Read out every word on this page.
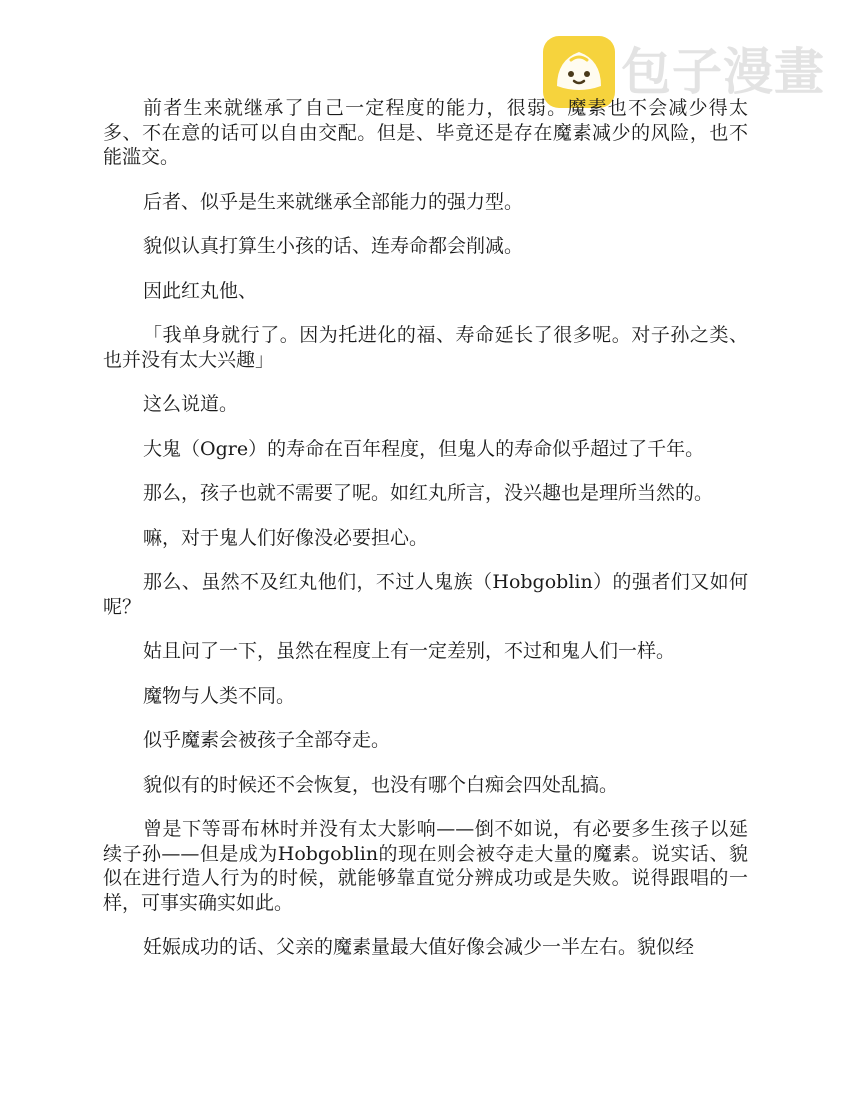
包子漫畫

前者生来就继承了自己一定程度的能力，很弱。魔素也不会减少得太多、不在意的话可以自由交配。但是、毕竟还是存在魔素减少的风险，也不能滥交。

后者、似乎是生来就继承全部能力的强力型。

貌似认真打算生小孩的话、连寿命都会削减。

因此红丸他、

「我单身就行了。因为托进化的福、寿命延长了很多呢。对子孙之类、也并没有太大兴趣」

这么说道。

大鬼（Ogre）的寿命在百年程度，但鬼人的寿命似乎超过了千年。

那么，孩子也就不需要了呢。如红丸所言，没兴趣也是理所当然的。

嘛，对于鬼人们好像没必要担心。

那么、虽然不及红丸他们，不过人鬼族（Hobgoblin）的强者们又如何呢？

姑且问了一下，虽然在程度上有一定差别，不过和鬼人们一样。

魔物与人类不同。

似乎魔素会被孩子全部夺走。

貌似有的时候还不会恢复，也没有哪个白痴会四处乱搞。

曾是下等哥布林时并没有太大影响——倒不如说，有必要多生孩子以延续子孙——但是成为Hobgoblin的现在则会被夺走大量的魔素。说实话、貌似在进行造人行为的时候，就能够靠直觉分辨成功或是失败。说得跟唱的一样，可事实确实如此。

妊娠成功的话、父亲的魔素量最大值好像会减少一半左右。貌似经
